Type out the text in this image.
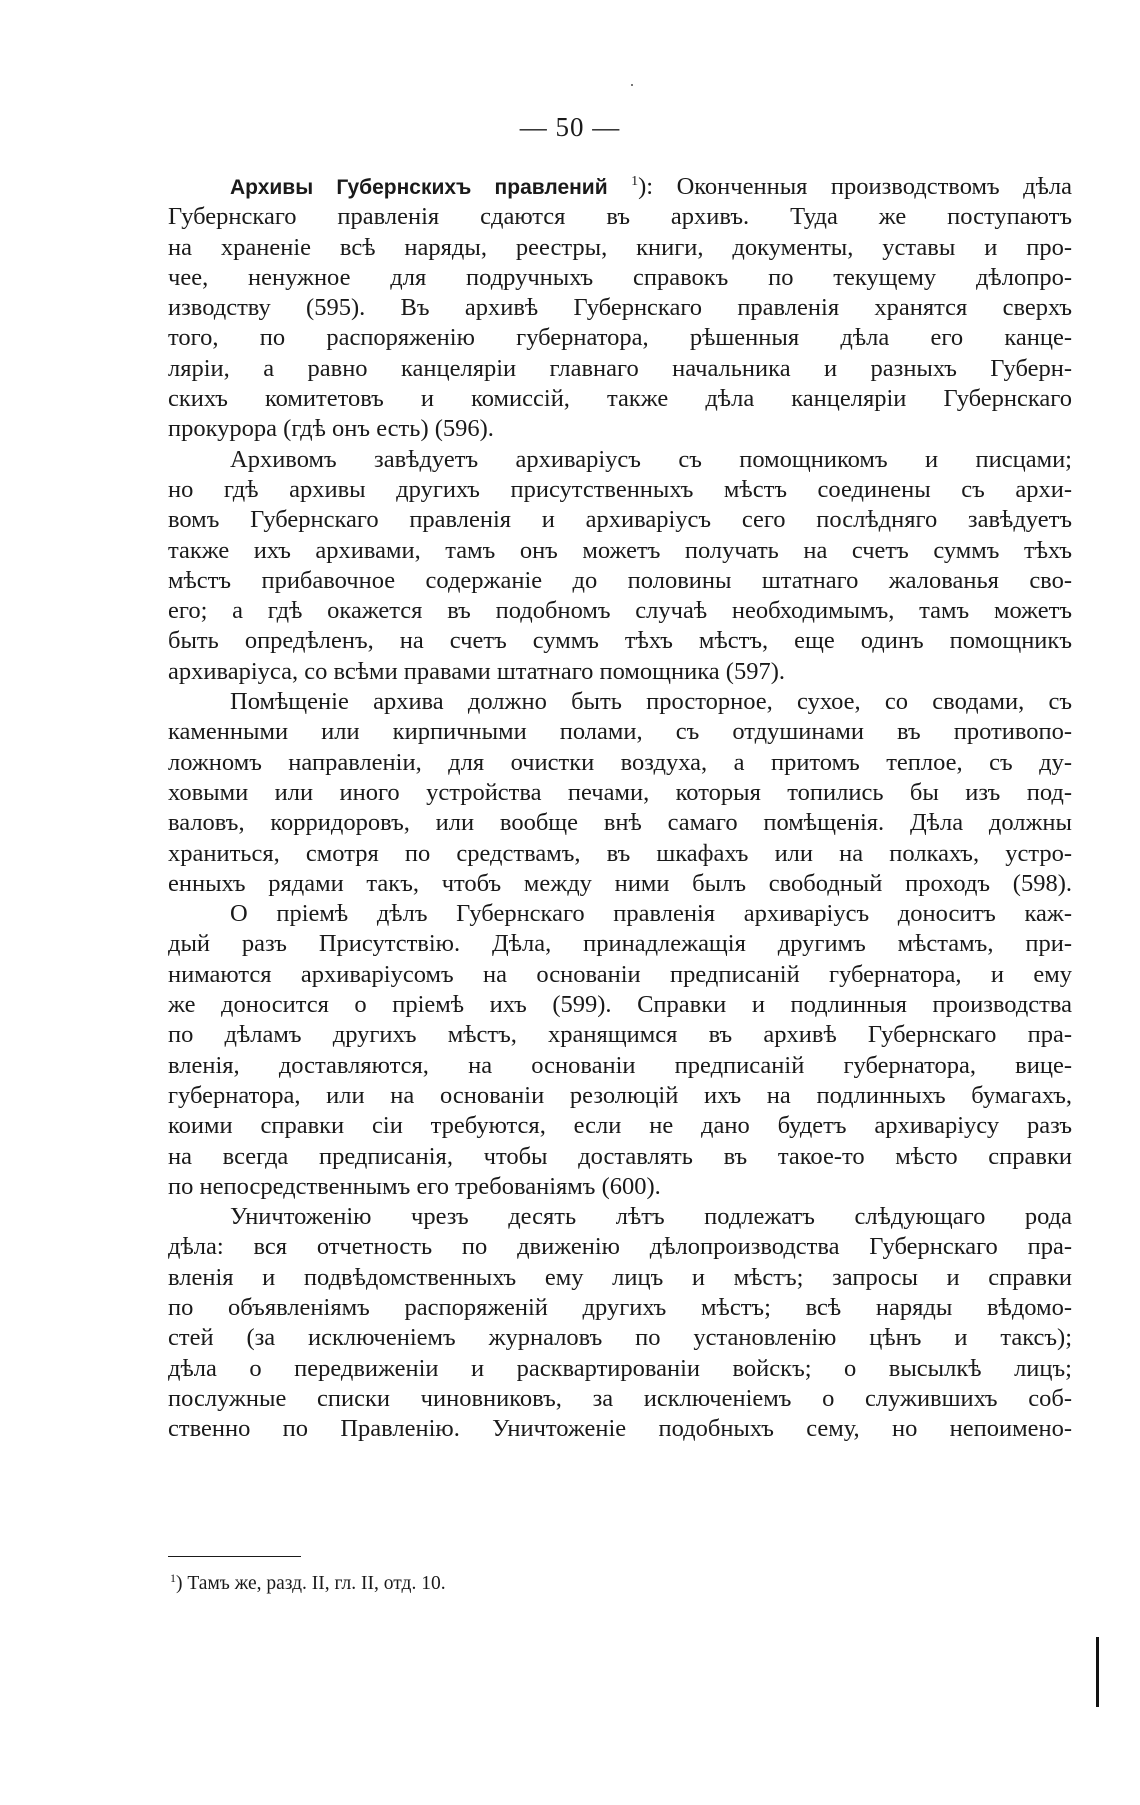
— 50 —
Архивы Губернскихъ правлений $^1$): Оконченныя производствомъ дѣла
Губернскаго правленія сдаются въ архивъ. Туда же поступаютъ
на храненіе всѣ наряды, реестры, книги, документы, уставы и про-
чее, ненужное для подручныхъ справокъ по текущему дѣлопро-
изводству (595). Въ архивѣ Губернскаго правленія хранятся сверхъ
того, по распоряженію губернатора, рѣшенныя дѣла его канце-
ляріи, а равно канцеляріи главнаго начальника и разныхъ Губерн-
скихъ комитетовъ и комиссій, также дѣла канцеляріи Губернскаго
прокурора (гдѣ онъ есть) (596).
Архивомъ завѣдуетъ архиваріусъ съ помощникомъ и писцами;
но гдѣ архивы другихъ присутственныхъ мѣстъ соединены съ архи-
вомъ Губернскаго правленія и архиваріусъ сего послѣдняго завѣдуетъ
также ихъ архивами, тамъ онъ можетъ получать на счетъ суммъ тѣхъ
мѣстъ прибавочное содержаніе до половины штатнаго жалованья сво-
его; а гдѣ окажется въ подобномъ случаѣ необходимымъ, тамъ можетъ
быть опредѣленъ, на счетъ суммъ тѣхъ мѣстъ, еще одинъ помощникъ
архиваріуса, со всѣми правами штатнаго помощника (597).
Помѣщеніе архива должно быть просторное, сухое, со сводами, съ
каменными или кирпичными полами, съ отдушинами въ противопо-
ложномъ направленіи, для очистки воздуха, а притомъ теплое, съ ду-
ховыми или иного устройства печами, которыя топились бы изъ под-
валовъ, корридоровъ, или вообще внѣ самаго помѣщенія. Дѣла должны
храниться, смотря по средствамъ, въ шкафахъ или на полкахъ, устро-
енныхъ рядами такъ, чтобъ между ними былъ свободный проходъ (598).
О пріемѣ дѣлъ Губернскаго правленія архиваріусъ доноситъ каж-
дый разъ Присутствію. Дѣла, принадлежащія другимъ мѣстамъ, при-
нимаются архиваріусомъ на основаніи предписаній губернатора, и ему
же доносится о пріемѣ ихъ (599). Справки и подлинныя производства
по дѣламъ другихъ мѣстъ, хранящимся въ архивѣ Губернскаго пра-
вленія, доставляются, на основаніи предписаній губернатора, вице-
губернатора, или на основаніи резолюцій ихъ на подлинныхъ бумагахъ,
коими справки сіи требуются, если не дано будетъ архиваріусу разъ
на всегда предписанія, чтобы доставлять въ такое-то мѣсто справки
по непосредственнымъ его требованіямъ (600).
Уничтоженію чрезъ десять лѣтъ подлежатъ слѣдующаго рода
дѣла: вся отчетность по движенію дѣлопроизводства Губернскаго пра-
вленія и подвѣдомственныхъ ему лицъ и мѣстъ; запросы и справки
по объявленіямъ распоряженій другихъ мѣстъ; всѣ наряды вѣдомо-
стей (за исключеніемъ журналовъ по установленію цѣнъ и таксъ);
дѣла о передвиженіи и расквартированіи войскъ; о высылкѣ лицъ;
послужные списки чиновниковъ, за исключеніемъ о служившихъ соб-
ственно по Правленію. Уничтоженіе подобныхъ сему, но непоимено-
$^1$) Тамъ же, разд. II, гл. II, отд. 10.
